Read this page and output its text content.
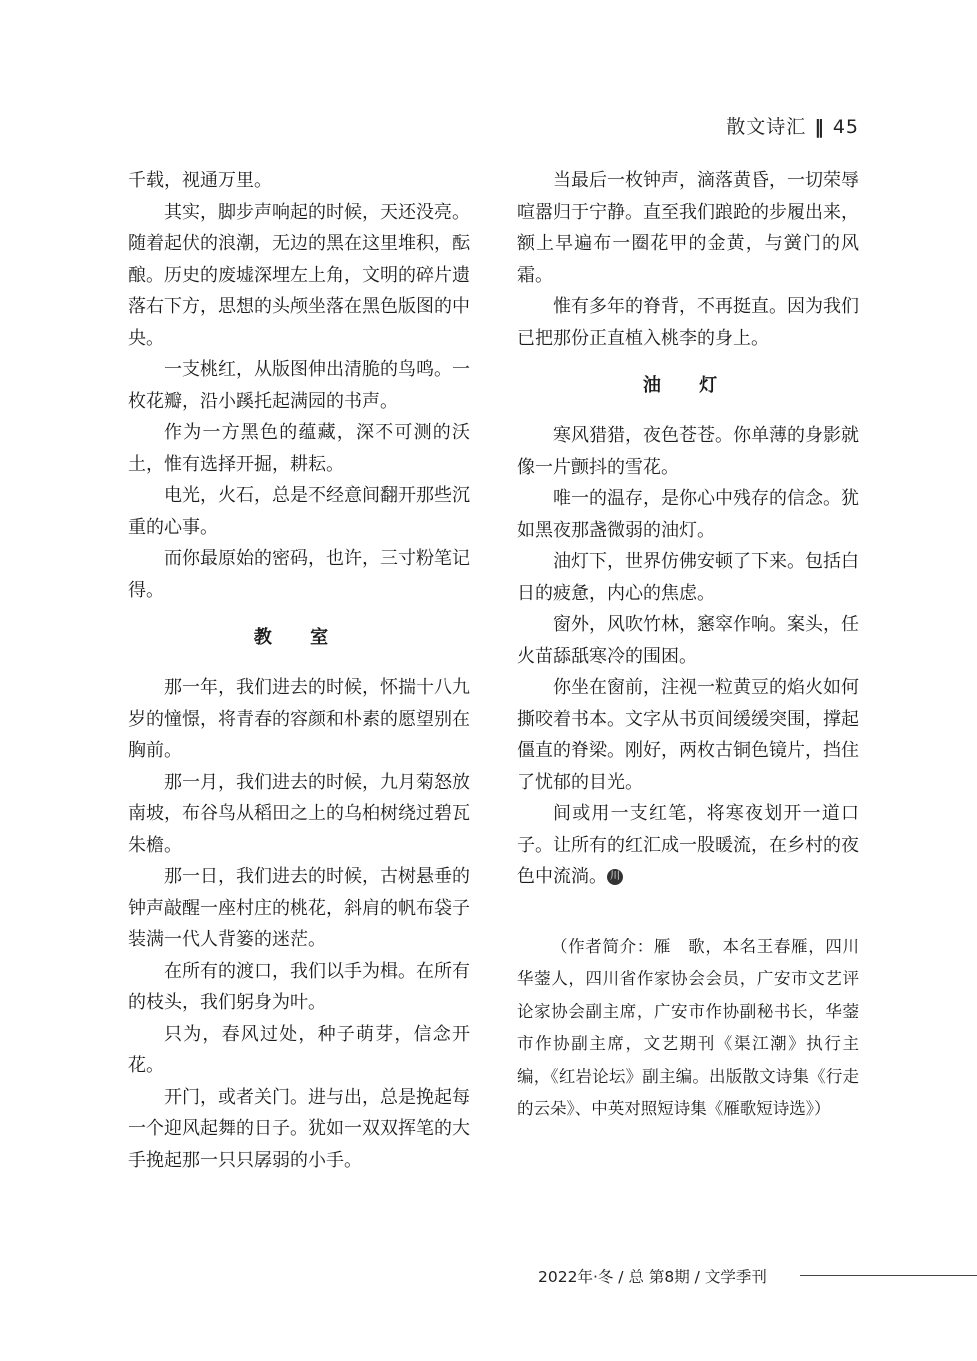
散文诗汇 ‖ 45

千载，视通万里。

其实，脚步声响起的时候，天还没亮。随着起伏的浪潮，无边的黑在这里堆积，酝酿。历史的废墟深埋左上角，文明的碎片遗落右下方，思想的头颅坐落在黑色版图的中央。

一支桃红，从版图伸出清脆的鸟鸣。一枚花瓣，沿小蹊托起满园的书声。

作为一方黑色的蕴藏，深不可测的沃土，惟有选择开掘，耕耘。

电光，火石，总是不经意间翻开那些沉重的心事。

而你最原始的密码，也许，三寸粉笔记得。

教 室

那一年，我们进去的时候，怀揣十八九岁的憧憬，将青春的容颜和朴素的愿望别在胸前。

那一月，我们进去的时候，九月菊怒放南坡，布谷鸟从稻田之上的乌桕树绕过碧瓦朱檐。

那一日，我们进去的时候，古树悬垂的钟声敲醒一座村庄的桃花，斜肩的帆布袋子装满一代人背篓的迷茫。

在所有的渡口，我们以手为楫。在所有的枝头，我们躬身为叶。

只为，春风过处，种子萌芽，信念开花。

开门，或者关门。进与出，总是挽起每一个迎风起舞的日子。犹如一双双挥笔的大手挽起那一只只孱弱的小手。

当最后一枚钟声，滴落黄昏，一切荣辱喧嚣归于宁静。直至我们踉跄的步履出来，额上早遍布一圈花甲的金黄，与黉门的风霜。

惟有多年的脊背，不再挺直。因为我们已把那份正直植入桃李的身上。

油 灯

寒风猎猎，夜色苍苍。你单薄的身影就像一片颤抖的雪花。

唯一的温存，是你心中残存的信念。犹如黑夜那盏微弱的油灯。

油灯下，世界仿佛安顿了下来。包括白日的疲惫，内心的焦虑。

窗外，风吹竹林，窸窣作响。案头，任火苗舔舐寒冷的围困。

你坐在窗前，注视一粒黄豆的焰火如何撕咬着书本。文字从书页间缓缓突围，撑起僵直的脊梁。刚好，两枚古铜色镜片，挡住了忧郁的目光。

间或用一支红笔，将寒夜划开一道口子。让所有的红汇成一股暖流，在乡村的夜色中流淌。 川

（作者简介：雁　歌，本名王春雁，四川华蓥人，四川省作家协会会员，广安市文艺评论家协会副主席，广安市作协副秘书长，华蓥市作协副主席，文艺期刊《渠江潮》执行主编，《红岩论坛》副主编。出版散文诗集《行走的云朵》、中英对照短诗集《雁歌短诗选》）

2022年·冬 / 总 第8期 / 文学季刊
